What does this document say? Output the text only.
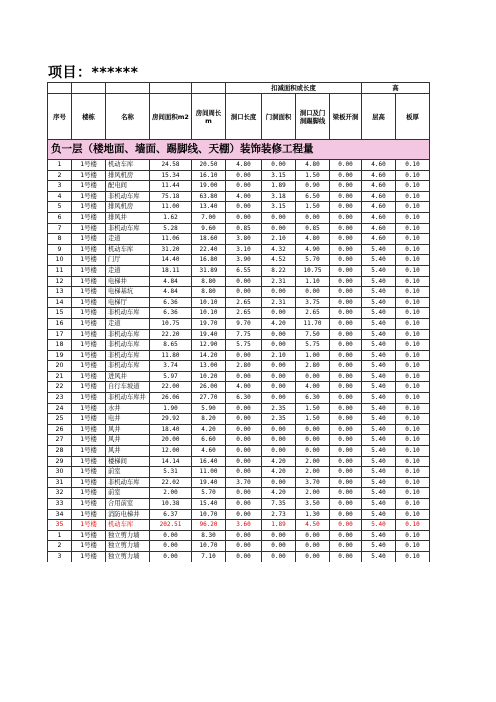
项目：******
					扣减面积或长度				高	
序号	楼栋	名称	房间面积m2	房间周长m	洞口长度	门洞面积	洞口及门洞踢脚线	梁板开洞	层高	板厚
负一层（楼地面、墙面、踢脚线、天棚）装饰装修工程量										
1	1号楼	机动车库	24.58	20.50	4.80	0.00	4.80	0.00	4.60	0.10
2	1号楼	排风机房	15.34	16.10	0.00	3.15	1.50	0.00	4.60	0.10
3	1号楼	配电间	11.44	19.00	0.00	1.89	0.90	0.00	4.60	0.10
4	1号楼	非机动车库	75.18	63.80	4.00	3.18	6.50	0.00	4.60	0.10
5	1号楼	排风机房	11.00	13.40	0.00	3.15	1.50	0.00	4.60	0.10
6	1号楼	排风井	1.62	7.00	0.00	0.00	0.00	0.00	4.60	0.10
7	1号楼	非机动车库	5.28	9.60	0.85	0.00	0.85	0.00	4.60	0.10
8	1号楼	走道	11.06	18.60	3.80	2.10	4.80	0.00	4.60	0.10
9	1号楼	机动车库	31.20	22.40	3.10	4.32	4.90	0.00	5.40	0.10
10	1号楼	门厅	14.40	16.80	3.90	4.52	5.70	0.00	5.40	0.10
11	1号楼	走道	18.11	31.89	6.55	8.22	10.75	0.00	5.40	0.10
12	1号楼	电梯井	4.84	8.80	0.00	2.31	1.10	0.00	5.40	0.10
13	1号楼	电梯基坑	4.84	8.80	0.00	0.00	0.00	0.00	5.40	0.10
14	1号楼	电梯厅	6.36	10.10	2.65	2.31	3.75	0.00	5.40	0.10
15	1号楼	非机动车库	6.36	10.10	2.65	0.00	2.65	0.00	5.40	0.10
16	1号楼	走道	10.75	19.70	9.70	4.20	11.70	0.00	5.40	0.10
17	1号楼	非机动车库	22.20	19.40	7.75	0.00	7.50	0.00	5.40	0.10
18	1号楼	非机动车库	8.65	12.90	5.75	0.00	5.75	0.00	5.40	0.10
19	1号楼	非机动车库	11.80	14.20	0.00	2.10	1.00	0.00	5.40	0.10
20	1号楼	非机动车库	3.74	13.00	2.80	0.00	2.80	0.00	5.40	0.10
21	1号楼	进风井	5.97	10.20	0.00	0.00	0.00	0.00	5.40	0.10
22	1号楼	自行车坡道	22.00	26.00	4.00	0.00	4.00	0.00	5.40	0.10
23	1号楼	非机动车库井	26.06	27.70	6.30	0.00	6.30	0.00	5.40	0.10
24	1号楼	水井	1.90	5.90	0.00	2.35	1.50	0.00	5.40	0.10
25	1号楼	电井	29.92	8.20	0.00	2.35	1.50	0.00	5.40	0.10
26	1号楼	风井	18.40	4.20	0.00	0.00	0.00	0.00	5.40	0.10
27	1号楼	风井	20.00	6.60	0.00	0.00	0.00	0.00	5.40	0.10
28	1号楼	风井	12.00	4.60	0.00	0.00	0.00	0.00	5.40	0.10
29	1号楼	楼梯间	14.14	16.40	0.00	4.20	2.00	0.00	5.40	0.10
30	1号楼	前室	5.31	11.00	0.00	4.20	2.00	0.00	5.40	0.10
31	1号楼	非机动车库	22.02	19.40	3.70	0.00	3.70	0.00	5.40	0.10
32	1号楼	前室	2.00	5.70	0.00	4.20	2.00	0.00	5.40	0.10
33	1号楼	合用前室	10.38	15.40	0.00	7.35	3.50	0.00	5.40	0.10
34	1号楼	消防电梯井	6.37	10.70	0.00	2.73	1.30	0.00	5.40	0.10
35	1号楼	机动车库	202.51	96.20	3.60	1.89	4.50	0.00	5.40	0.10
1	1号楼	独立剪力墙	0.00	8.30	0.00	0.00	0.00	0.00	5.40	0.10
2	1号楼	独立剪力墙	0.00	10.70	0.00	0.00	0.00	0.00	5.40	0.10
3	1号楼	独立剪力墙	0.00	7.10	0.00	0.00	0.00	0.00	5.40	0.10
